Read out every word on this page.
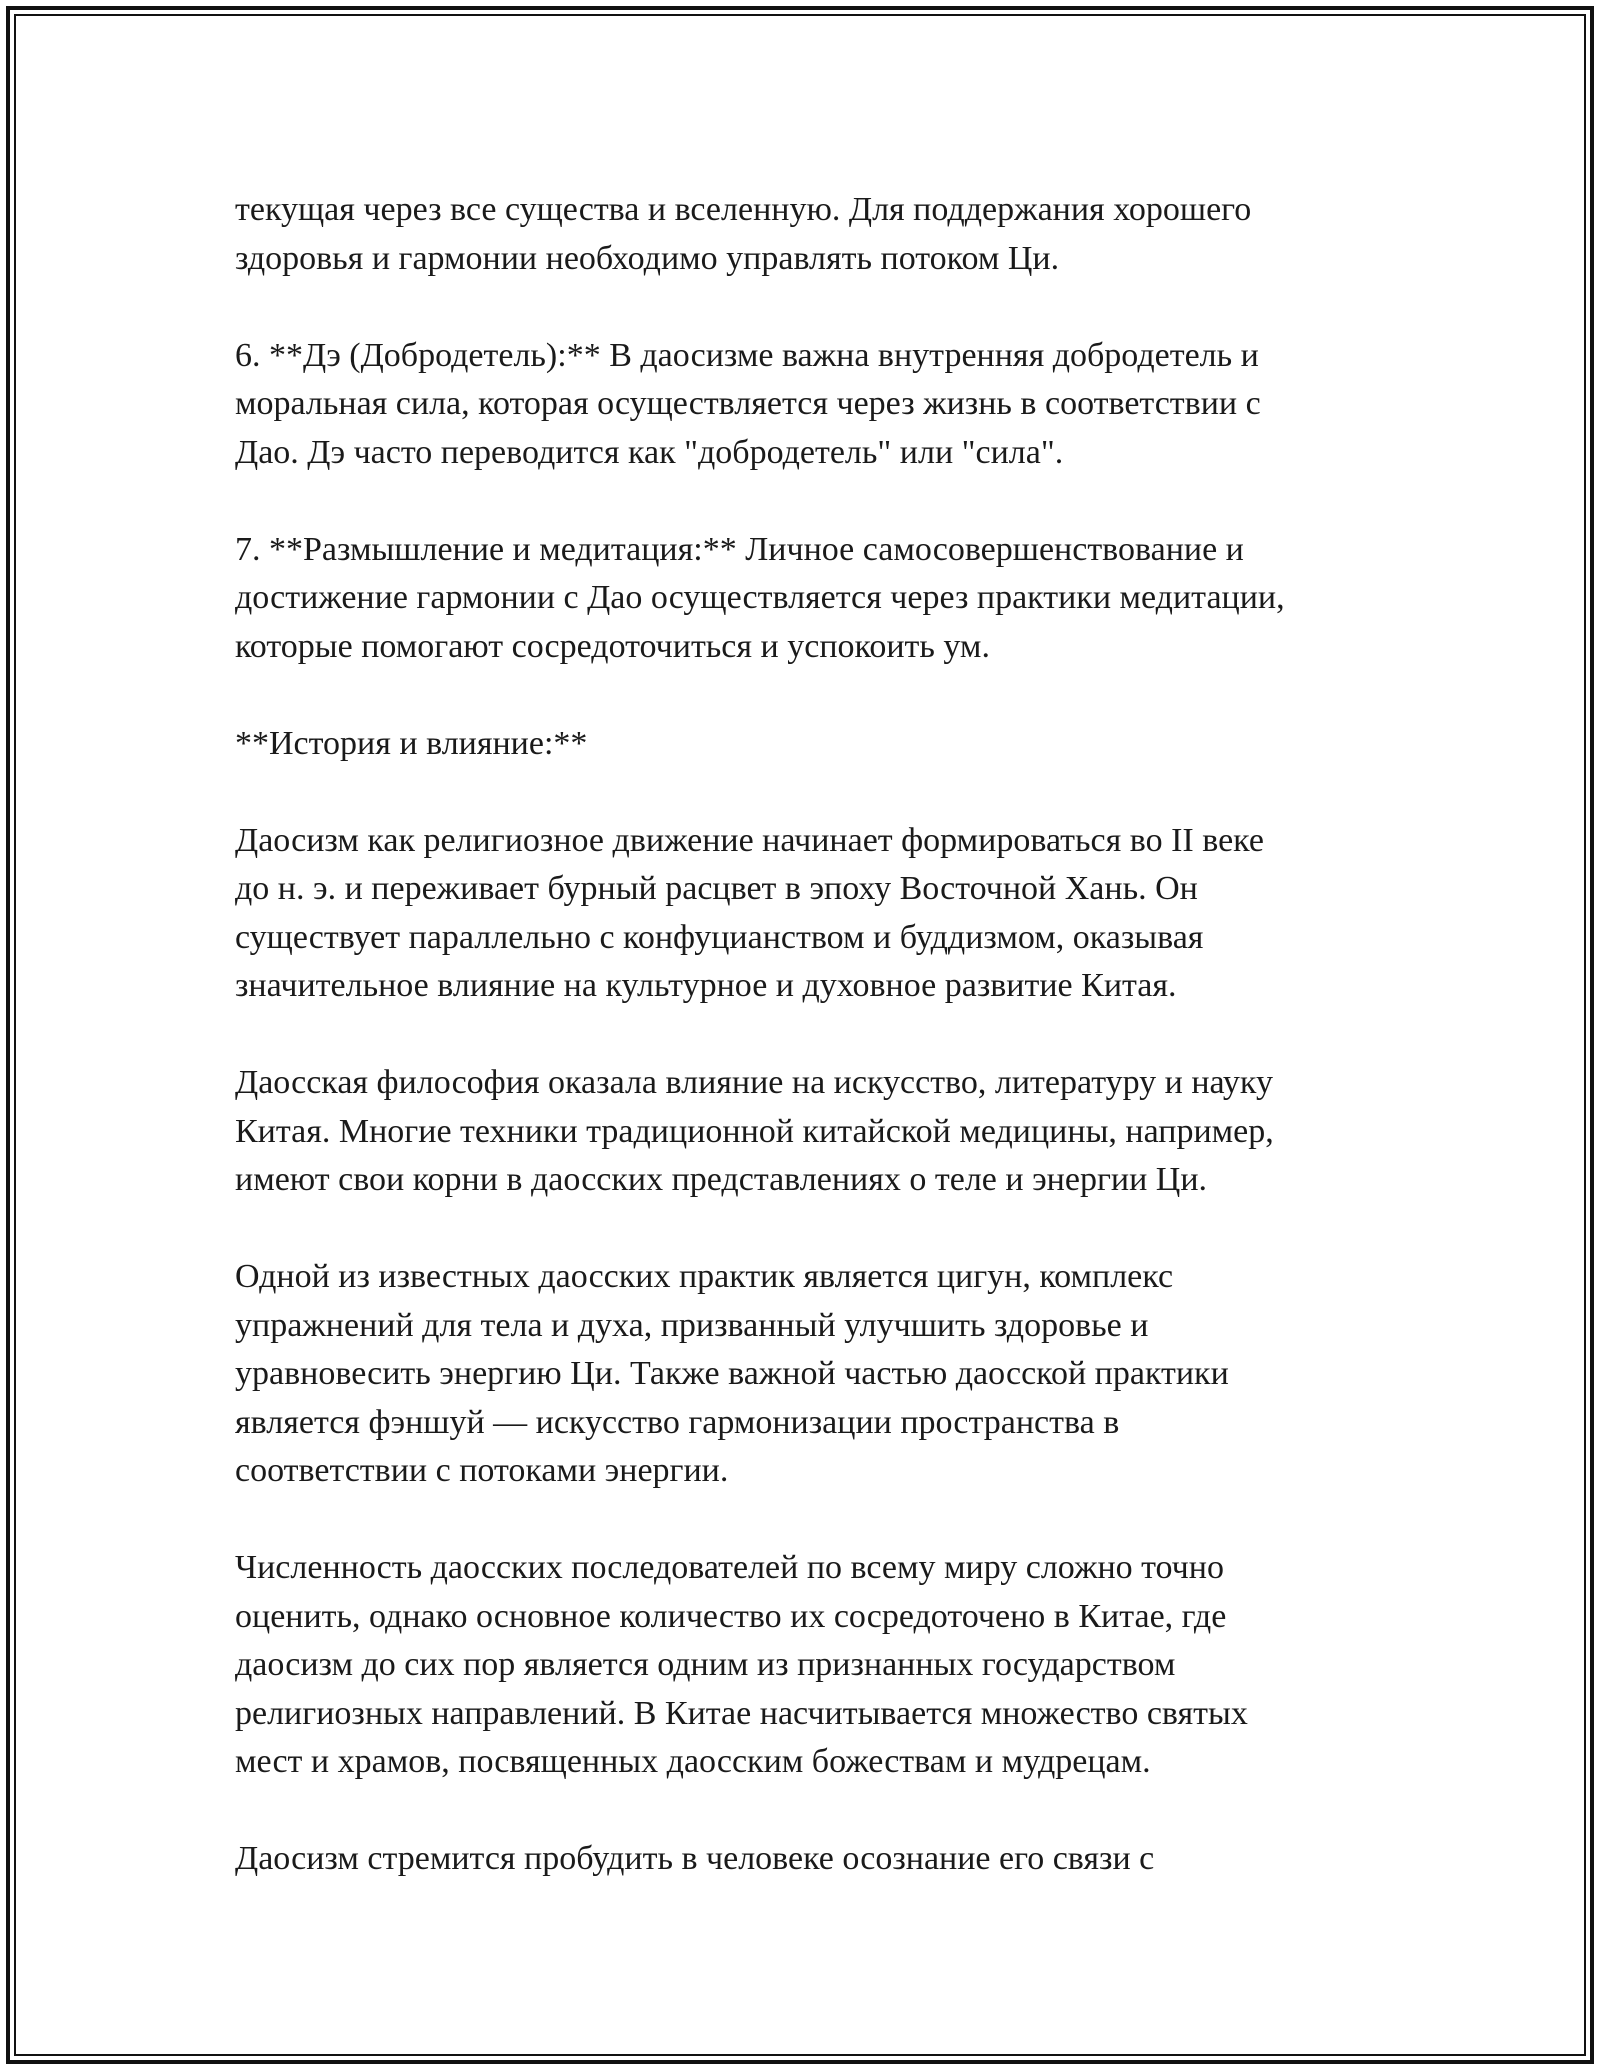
текущая через все существа и вселенную. Для поддержания хорошего
здоровья и гармонии необходимо управлять потоком Ци.

6. **Дэ (Добродетель):** В даосизме важна внутренняя добродетель и
моральная сила, которая осуществляется через жизнь в соответствии с
Дао. Дэ часто переводится как "добродетель" или "сила".

7. **Размышление и медитация:** Личное самосовершенствование и
достижение гармонии с Дао осуществляется через практики медитации,
которые помогают сосредоточиться и успокоить ум.

**История и влияние:**

Даосизм как религиозное движение начинает формироваться во II веке
до н. э. и переживает бурный расцвет в эпоху Восточной Хань. Он
существует параллельно с конфуцианством и буддизмом, оказывая
значительное влияние на культурное и духовное развитие Китая.

Даосская философия оказала влияние на искусство, литературу и науку
Китая. Многие техники традиционной китайской медицины, например,
имеют свои корни в даосских представлениях о теле и энергии Ци.

Одной из известных даосских практик является цигун, комплекс
упражнений для тела и духа, призванный улучшить здоровье и
уравновесить энергию Ци. Также важной частью даосской практики
является фэншуй — искусство гармонизации пространства в
соответствии с потоками энергии.

Численность даосских последователей по всему миру сложно точно
оценить, однако основное количество их сосредоточено в Китае, где
даосизм до сих пор является одним из признанных государством
религиозных направлений. В Китае насчитывается множество святых
мест и храмов, посвященных даосским божествам и мудрецам.

Даосизм стремится пробудить в человеке осознание его связи с
